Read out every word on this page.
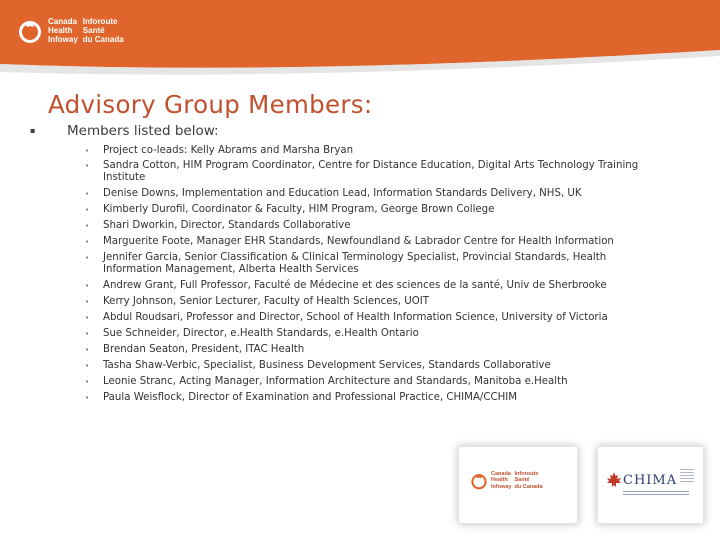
Canada Inforoute
Health	Santé
Infoway du Canada
Advisory Group Members:
▪ Members listed below:
• Project co-leads: Kelly Abrams and Marsha Bryan
• Sandra Cotton, HIM Program Coordinator, Centre for Distance Education, Digital Arts Technology Training Institute
• Denise Downs, Implementation and Education Lead, Information Standards Delivery, NHS, UK
• Kimberly Durofil, Coordinator & Faculty, HIM Program, George Brown College
• Shari Dworkin, Director, Standards Collaborative
• Marguerite Foote, Manager EHR Standards, Newfoundland & Labrador Centre for Health Information
• Jennifer Garcia, Senior Classification & Clinical Terminology Specialist, Provincial Standards, Health Information Management, Alberta Health Services
• Andrew Grant, Full Professor, Faculté de Médecine et des sciences de la santé, Univ de Sherbrooke
• Kerry Johnson, Senior Lecturer, Faculty of Health Sciences, UOIT
• Abdul Roudsari, Professor and Director, School of Health Information Science, University of Victoria
• Sue Schneider, Director, e.Health Standards, e.Health Ontario
• Brendan Seaton, President, ITAC Health
• Tasha Shaw-Verbic, Specialist, Business Development Services, Standards Collaborative
• Leonie Stranc, Acting Manager, Information Architecture and Standards, Manitoba e.Health
• Paula Weisflock, Director of Examination and Professional Practice, CHIMA/CCHIM
Canada Inforoute
Health	Santé
Infoway du Canada	CHIMA
